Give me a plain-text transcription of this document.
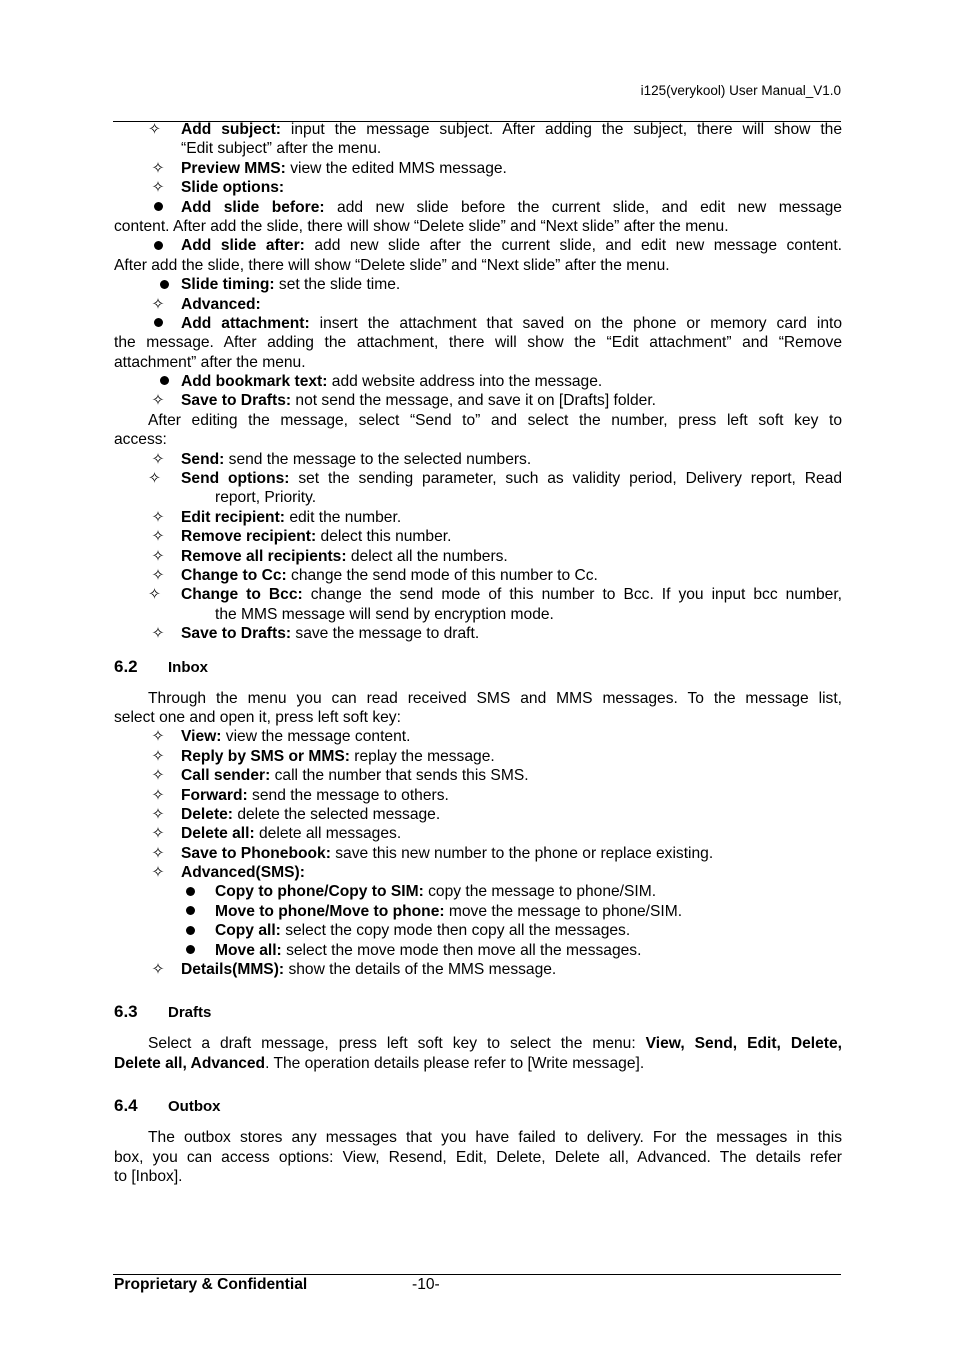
i125(verykool) User Manual_V1.0
✧	Add subject: input the message subject. After adding the subject, there will show the
“Edit subject” after the menu.
✧ Preview MMS: view the edited MMS message.
✧ Slide options:
Add slide before: add new slide before the current slide, and edit new message
content. After add the slide, there will show “Delete slide” and “Next slide” after the menu.
Add slide after: add new slide after the current slide, and edit new message content.
After add the slide, there will show “Delete slide” and “Next slide” after the menu.
Slide timing: set the slide time.
✧ Advanced:
Add attachment: insert the attachment that saved on the phone or memory card into
the message. After adding the attachment, there will show the “Edit attachment” and “Remove
attachment” after the menu.
Add bookmark text: add website address into the message.
✧ Save to Drafts: not send the message, and save it on [Drafts] folder.
After editing the message, select “Send to” and select the number, press left soft key to
access:
✧ Send: send the message to the selected numbers.
✧	Send options: set the sending parameter, such as validity period, Delivery report, Read
report, Priority.
✧ Edit recipient: edit the number.
✧ Remove recipient: delect this number.
✧ Remove all recipients: delect all the numbers.
✧ Change to Cc: change the send mode of this number to Cc.
✧	Change to Bcc: change the send mode of this number to Bcc. If you input bcc number,
the MMS message will send by encryption mode.
✧ Save to Drafts: save the message to draft.
6.2 Inbox
Through the menu you can read received SMS and MMS messages. To the message list,
select one and open it, press left soft key:
✧ View: view the message content.
✧ Reply by SMS or MMS: replay the message.
✧ Call sender: call the number that sends this SMS.
✧ Forward: send the message to others.
✧ Delete: delete the selected message.
✧ Delete all: delete all messages.
✧ Save to Phonebook: save this new number to the phone or replace existing.
✧ Advanced(SMS):
Copy to phone/Copy to SIM: copy the message to phone/SIM.
Move to phone/Move to phone: move the message to phone/SIM.
Copy all: select the copy mode then copy all the messages.
Move all: select the move mode then move all the messages.
✧ Details(MMS): show the details of the MMS message.
6.3 Drafts
Select a draft message, press left soft key to select the menu: View, Send, Edit, Delete,
Delete all, Advanced. The operation details please refer to [Write message].
6.4 Outbox
The outbox stores any messages that you have failed to delivery. For the messages in this
box, you can access options: View, Resend, Edit, Delete, Delete all, Advanced. The details refer
to [Inbox].
Proprietary & Confidential	-10-
